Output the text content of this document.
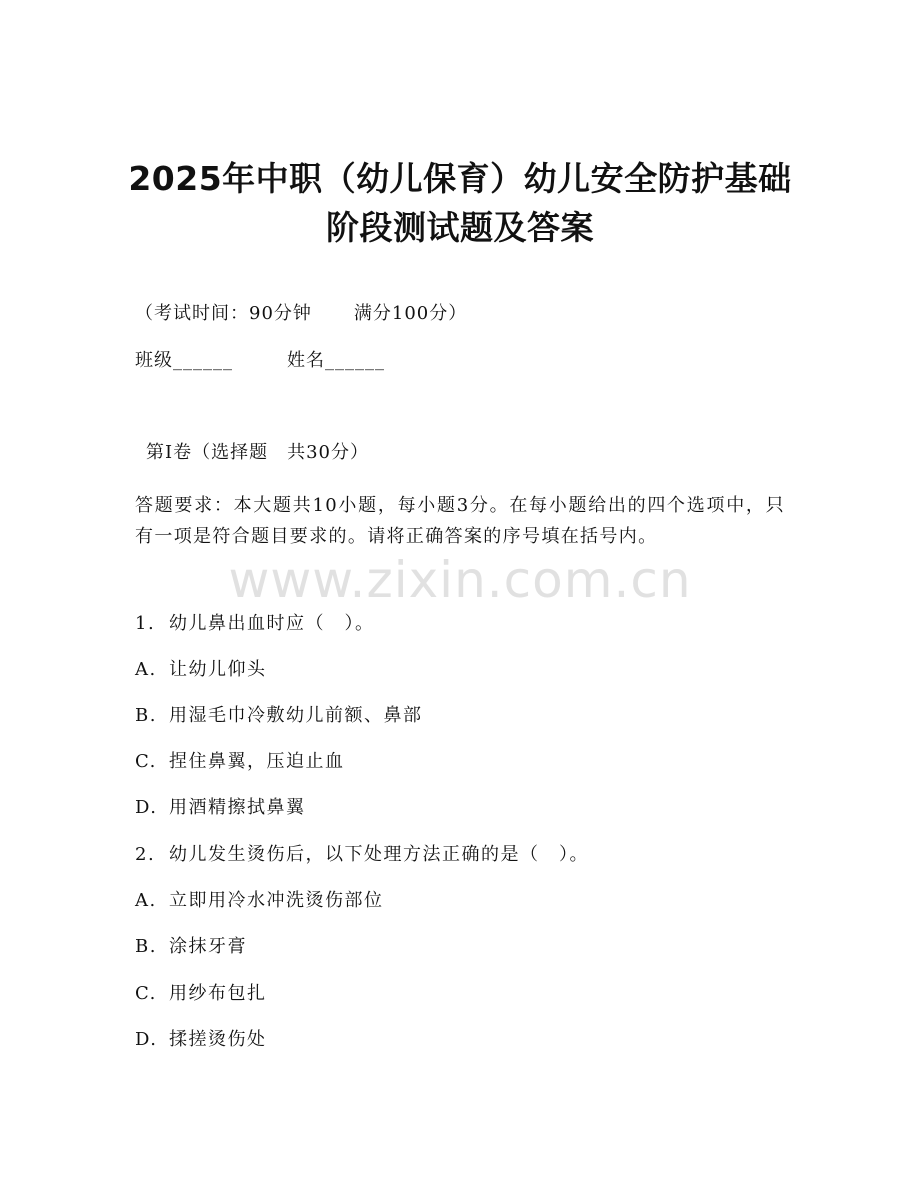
2025年中职（幼儿保育）幼儿安全防护基础
阶段测试题及答案
（考试时间：90分钟 满分100分）
班级______	姓名______
第Ⅰ卷（选择题　共30分）
答题要求：本大题共10小题，每小题3分。在每小题给出的四个选项中，只有一项是符合题目要求的。请将正确答案的序号填在括号内。
www.zixin.com.cn
1. 幼儿鼻出血时应（　）。
A. 让幼儿仰头
B. 用湿毛巾冷敷幼儿前额、鼻部
C. 捏住鼻翼，压迫止血
D. 用酒精擦拭鼻翼
2. 幼儿发生烫伤后，以下处理方法正确的是（　）。
A. 立即用冷水冲洗烫伤部位
B. 涂抹牙膏
C. 用纱布包扎
D. 揉搓烫伤处
